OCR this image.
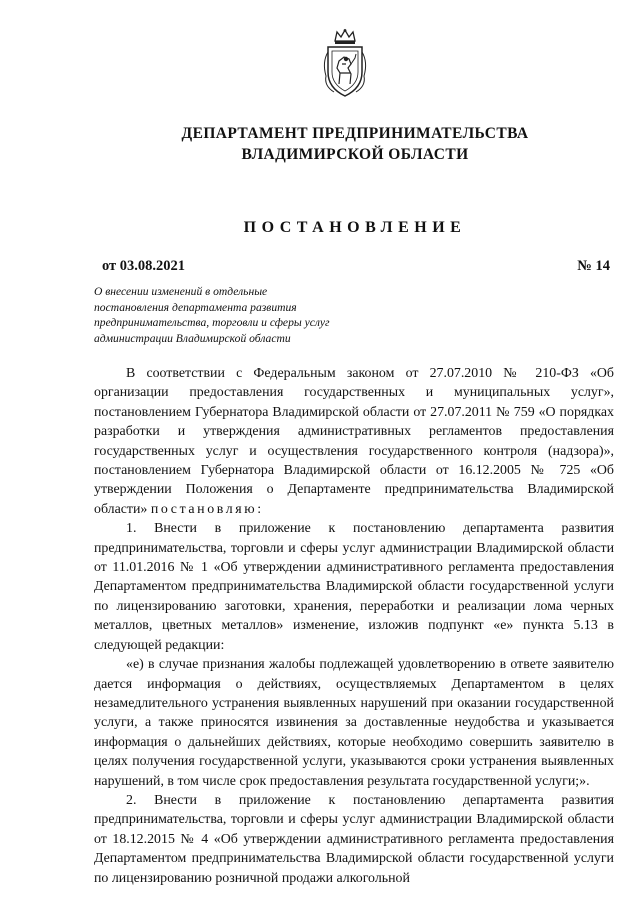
ДЕПАРТАМЕНТ ПРЕДПРИНИМАТЕЛЬСТВА
ВЛАДИМИРСКОЙ ОБЛАСТИ
ПОСТАНОВЛЕНИЕ
от 03.08.2021	№ 14
О внесении изменений в отдельные
постановления департамента развития
предпринимательства, торговли и сферы услуг
администрации Владимирской области

В соответствии с Федеральным законом от 27.07.2010 № 210-ФЗ «Об организации предоставления государственных и муниципальных услуг», постановлением Губернатора Владимирской области от 27.07.2011 № 759 «О порядках разработки и утверждения административных регламентов предоставления государственных услуг и осуществления государственного контроля (надзора)», постановлением Губернатора Владимирской области от 16.12.2005 № 725 «Об утверждении Положения о Департаменте предпринимательства Владимирской области» постановляю:

1. Внести в приложение к постановлению департамента развития предпринимательства, торговли и сферы услуг администрации Владимирской области от 11.01.2016 № 1 «Об утверждении административного регламента предоставления Департаментом предпринимательства Владимирской области государственной услуги по лицензированию заготовки, хранения, переработки и реализации лома черных металлов, цветных металлов» изменение, изложив подпункт «е» пункта 5.13 в следующей редакции:

«е) в случае признания жалобы подлежащей удовлетворению в ответе заявителю дается информация о действиях, осуществляемых Департаментом в целях незамедлительного устранения выявленных нарушений при оказании государственной услуги, а также приносятся извинения за доставленные неудобства и указывается информация о дальнейших действиях, которые необходимо совершить заявителю в целях получения государственной услуги, указываются сроки устранения выявленных нарушений, в том числе срок предоставления результата государственной услуги;».

2. Внести в приложение к постановлению департамента развития предпринимательства, торговли и сферы услуг администрации Владимирской области от 18.12.2015 № 4 «Об утверждении административного регламента предоставления Департаментом предпринимательства Владимирской области государственной услуги по лицензированию розничной продажи алкогольной
